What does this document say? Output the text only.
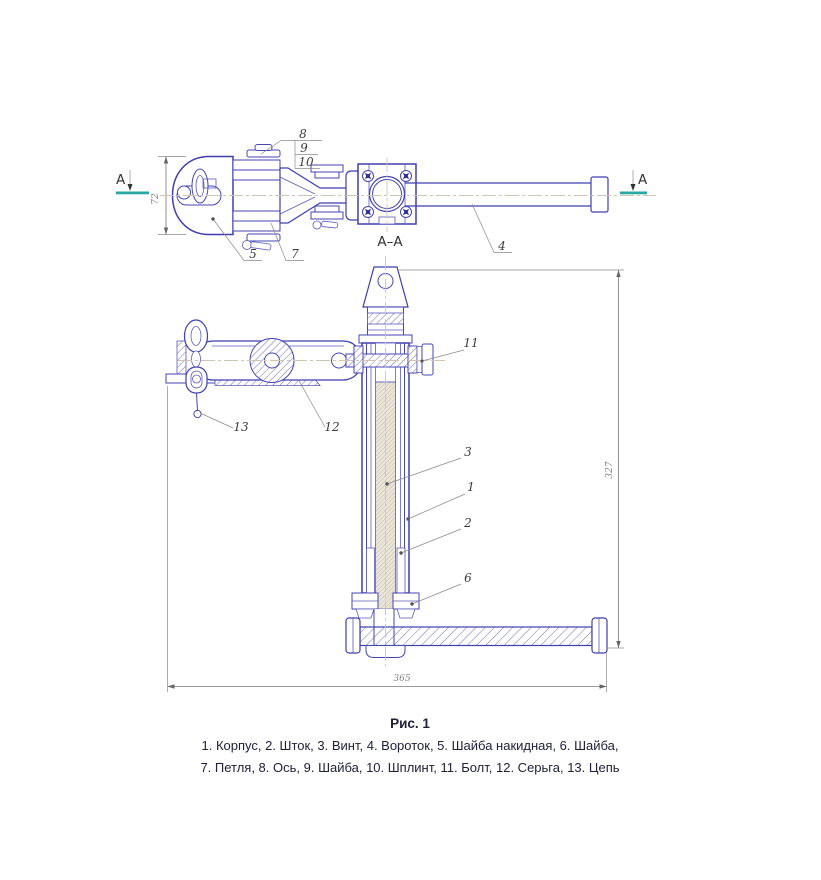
А	А
8
9
10
5	7
4
72
А–А
327
365
11
13	12
3
1
2
6
Рис. 1
1. Корпус, 2. Шток, 3. Винт, 4. Вороток, 5. Шайба накидная, 6. Шайба,
7. Петля, 8. Ось, 9. Шайба, 10. Шплинт, 11. Болт, 12. Серьга, 13. Цепь
